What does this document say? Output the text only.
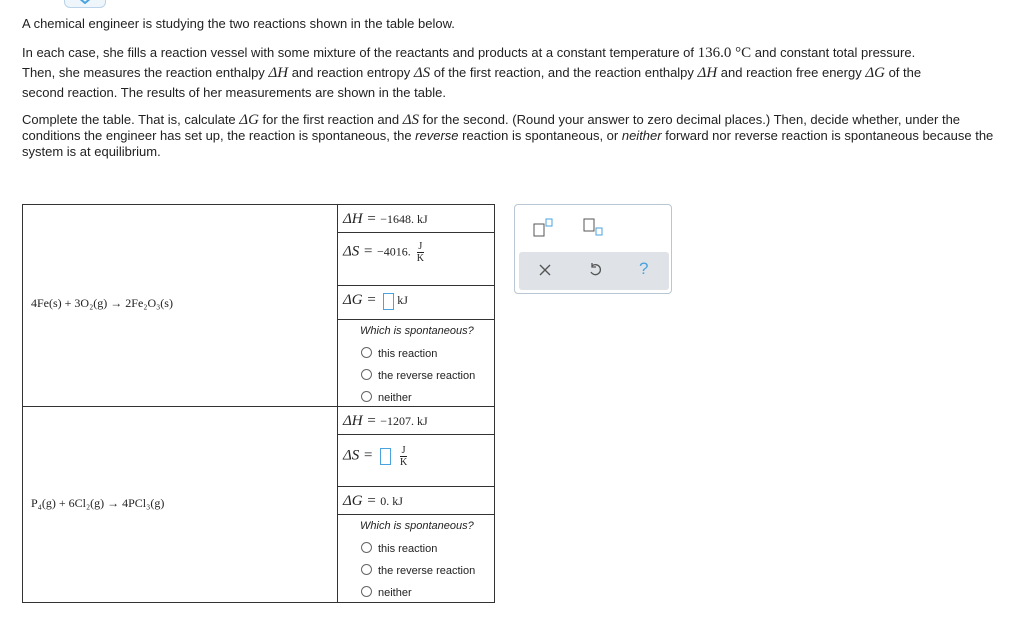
A chemical engineer is studying the two reactions shown in the table below.

In each case, she fills a reaction vessel with some mixture of the reactants and products at a constant temperature of 136.0 °C and constant total pressure.
Then, she measures the reaction enthalpy ΔH and reaction entropy ΔS of the first reaction, and the reaction enthalpy ΔH and reaction free energy ΔG of the
second reaction. The results of her measurements are shown in the table.

Complete the table. That is, calculate ΔG for the first reaction and ΔS for the second. (Round your answer to zero decimal places.) Then, decide whether, under the conditions the engineer has set up, the reaction is spontaneous, the reverse reaction is spontaneous, or neither forward nor reverse reaction is spontaneous because the system is at equilibrium.

4Fe(s) + 3O₂(g) → 2Fe₂O₃(s)
ΔH = −1648. kJ
ΔS = −4016. $\frac{J}{K}$
ΔG = kJ
Which is spontaneous?
this reaction
the reverse reaction
neither
P₄(g) + 6Cl₂(g) → 4PCl₃(g)
ΔH = −1207. kJ
$\Delta S = \frac{J}{K}$
ΔG = 0. kJ
Which is spontaneous?
this reaction
the reverse reaction
neither
?
